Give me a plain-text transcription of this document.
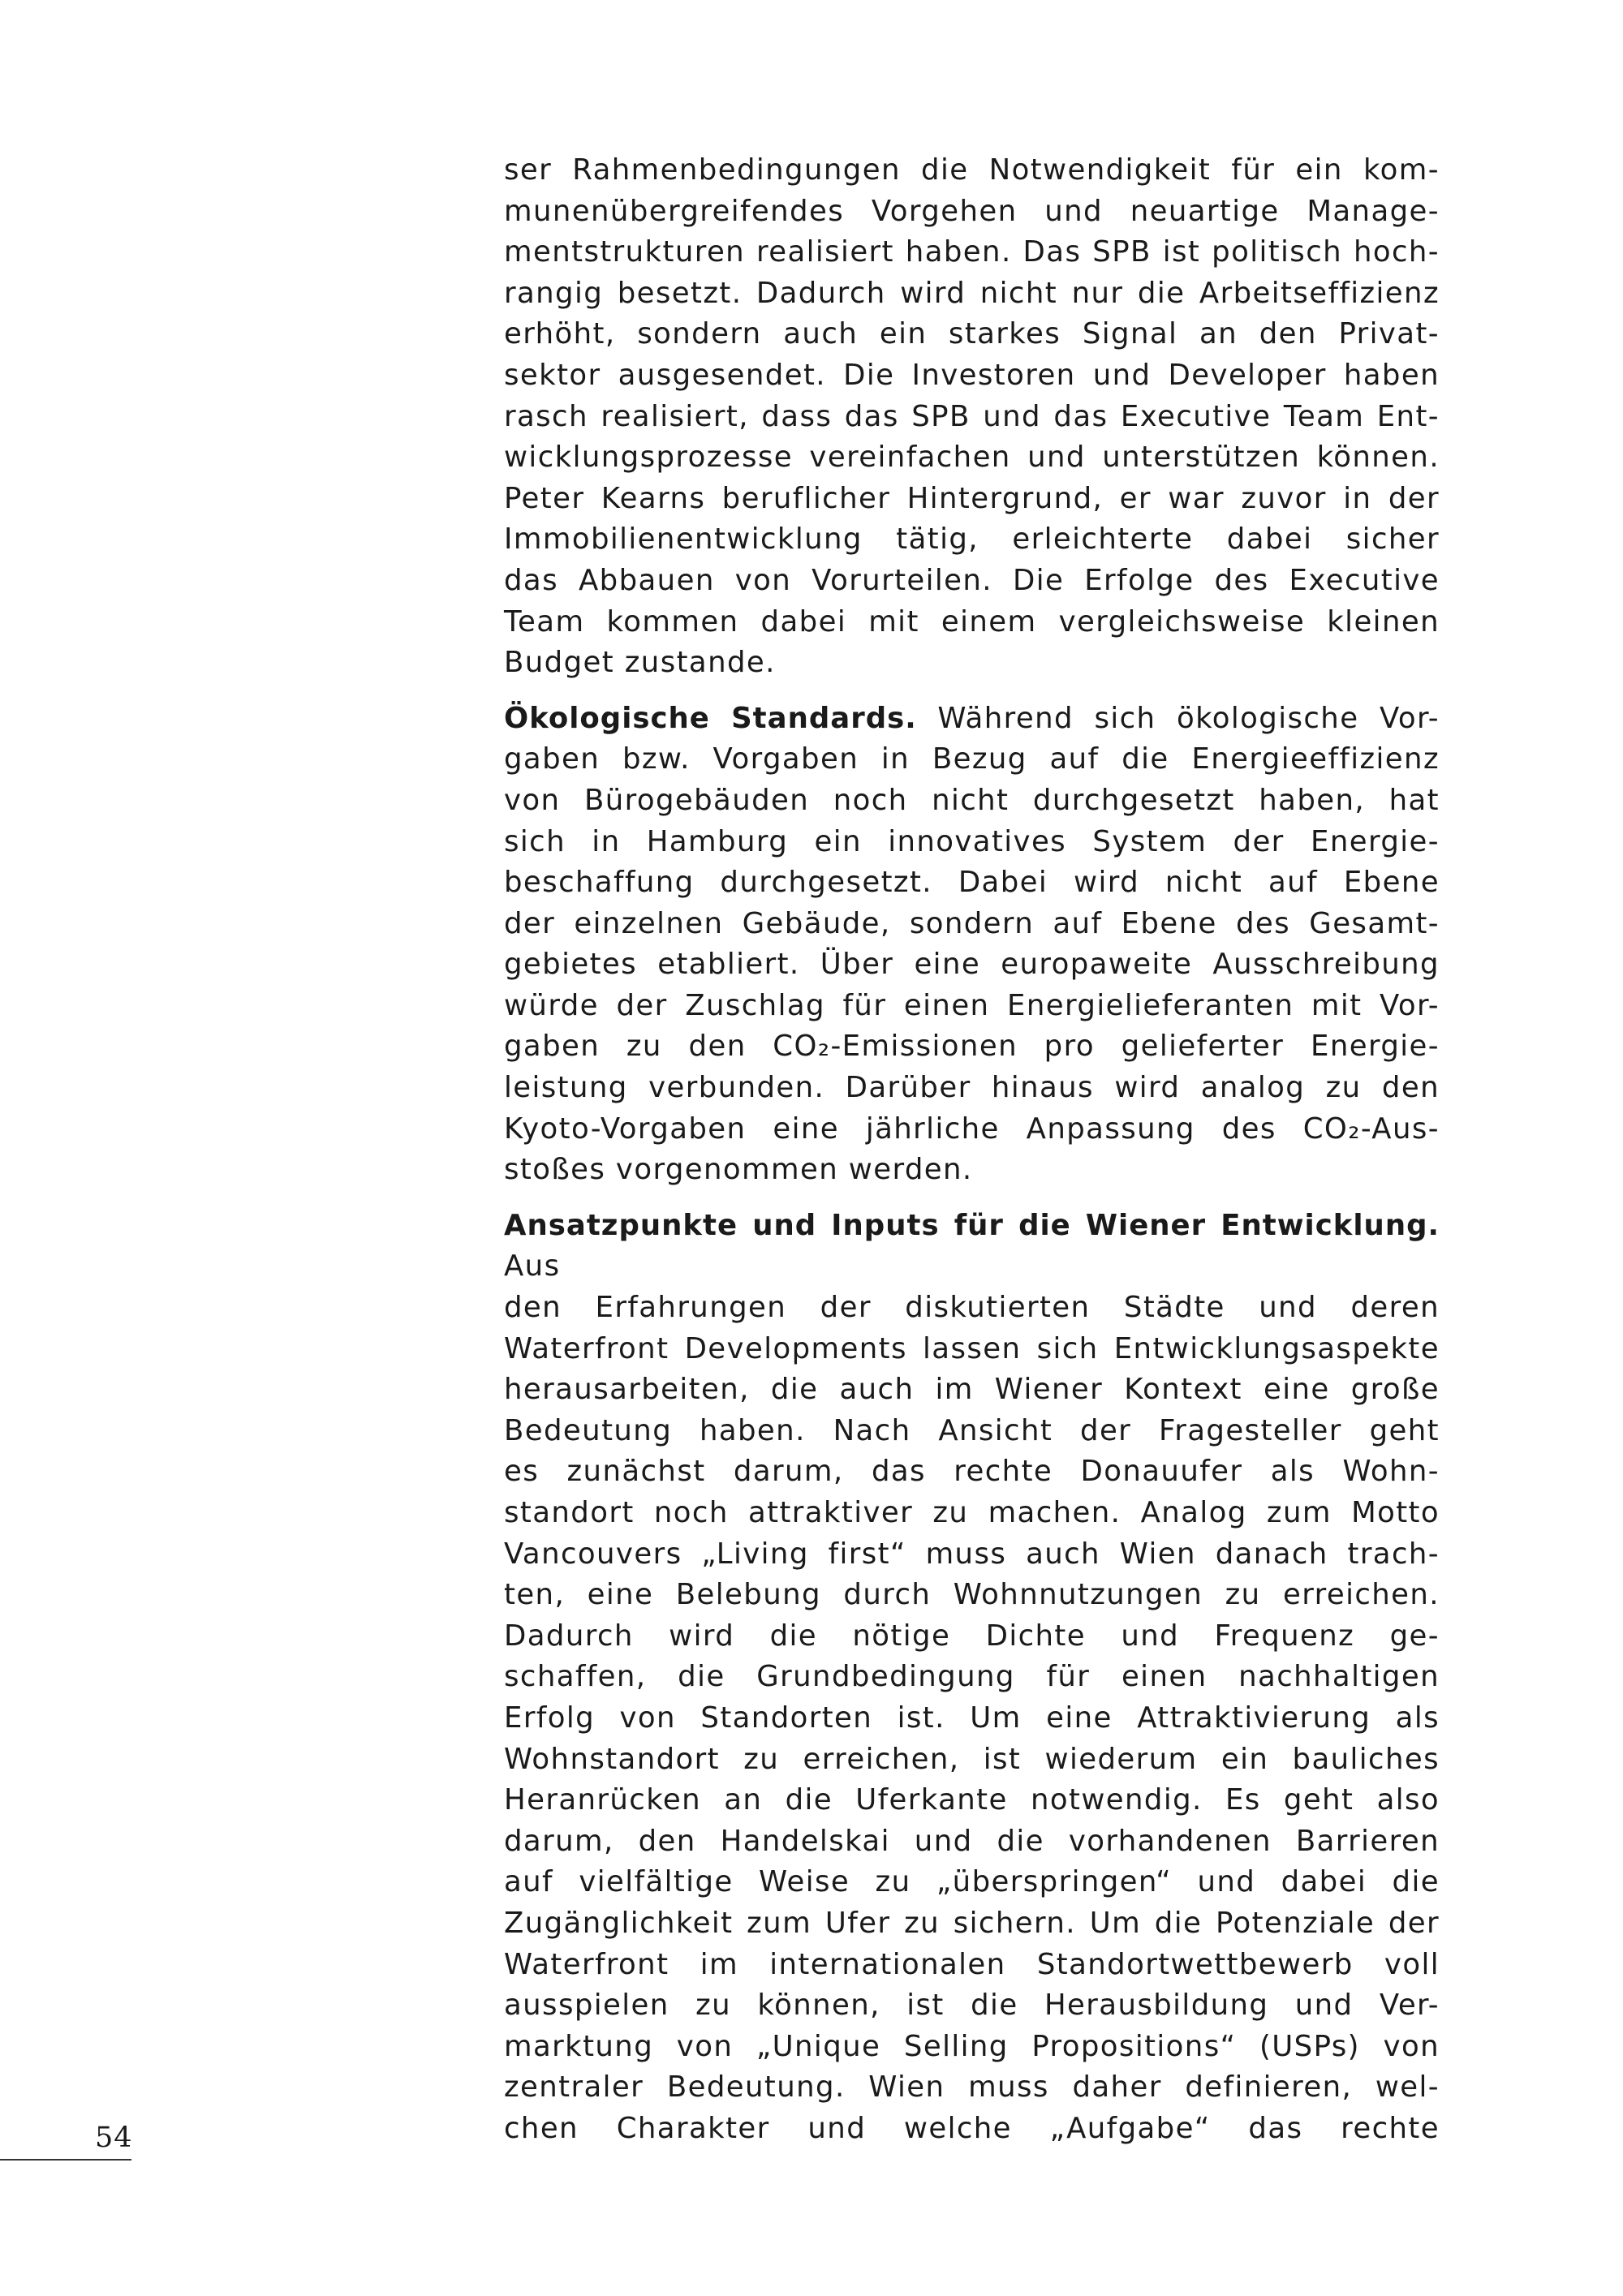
ser Rahmenbedingungen die Notwendigkeit für ein kom-
munenübergreifendes Vorgehen und neuartige Manage-
mentstrukturen realisiert haben. Das SPB ist politisch hoch-
rangig besetzt. Dadurch wird nicht nur die Arbeitseffizienz
erhöht, sondern auch ein starkes Signal an den Privat-
sektor ausgesendet. Die Investoren und Developer haben
rasch realisiert, dass das SPB und das Executive Team Ent-
wicklungsprozesse vereinfachen und unterstützen können.
Peter Kearns beruflicher Hintergrund, er war zuvor in der
Immobilienentwicklung tätig, erleichterte dabei sicher
das Abbauen von Vorurteilen. Die Erfolge des Executive
Team kommen dabei mit einem vergleichsweise kleinen
Budget zustande.
Ökologische Standards. Während sich ökologische Vor-
gaben bzw. Vorgaben in Bezug auf die Energieeffizienz
von Bürogebäuden noch nicht durchgesetzt haben, hat
sich in Hamburg ein innovatives System der Energie-
beschaffung durchgesetzt. Dabei wird nicht auf Ebene
der einzelnen Gebäude, sondern auf Ebene des Gesamt-
gebietes etabliert. Über eine europaweite Ausschreibung
würde der Zuschlag für einen Energielieferanten mit Vor-
gaben zu den CO₂-Emissionen pro gelieferter Energie-
leistung verbunden. Darüber hinaus wird analog zu den
Kyoto-Vorgaben eine jährliche Anpassung des CO₂-Aus-
stoßes vorgenommen werden.
Ansatzpunkte und Inputs für die Wiener Entwicklung. Aus
den Erfahrungen der diskutierten Städte und deren
Waterfront Developments lassen sich Entwicklungsaspekte
herausarbeiten, die auch im Wiener Kontext eine große
Bedeutung haben. Nach Ansicht der Fragesteller geht
es zunächst darum, das rechte Donauufer als Wohn-
standort noch attraktiver zu machen. Analog zum Motto
Vancouvers „Living first“ muss auch Wien danach trach-
ten, eine Belebung durch Wohnnutzungen zu erreichen.
Dadurch wird die nötige Dichte und Frequenz ge-
schaffen, die Grundbedingung für einen nachhaltigen
Erfolg von Standorten ist. Um eine Attraktivierung als
Wohnstandort zu erreichen, ist wiederum ein bauliches
Heranrücken an die Uferkante notwendig. Es geht also
darum, den Handelskai und die vorhandenen Barrieren
auf vielfältige Weise zu „überspringen“ und dabei die
Zugänglichkeit zum Ufer zu sichern. Um die Potenziale der
Waterfront im internationalen Standortwettbewerb voll
ausspielen zu können, ist die Herausbildung und Ver-
marktung von „Unique Selling Propositions“ (USPs) von
zentraler Bedeutung. Wien muss daher definieren, wel-
chen Charakter und welche „Aufgabe“ das rechte
54
